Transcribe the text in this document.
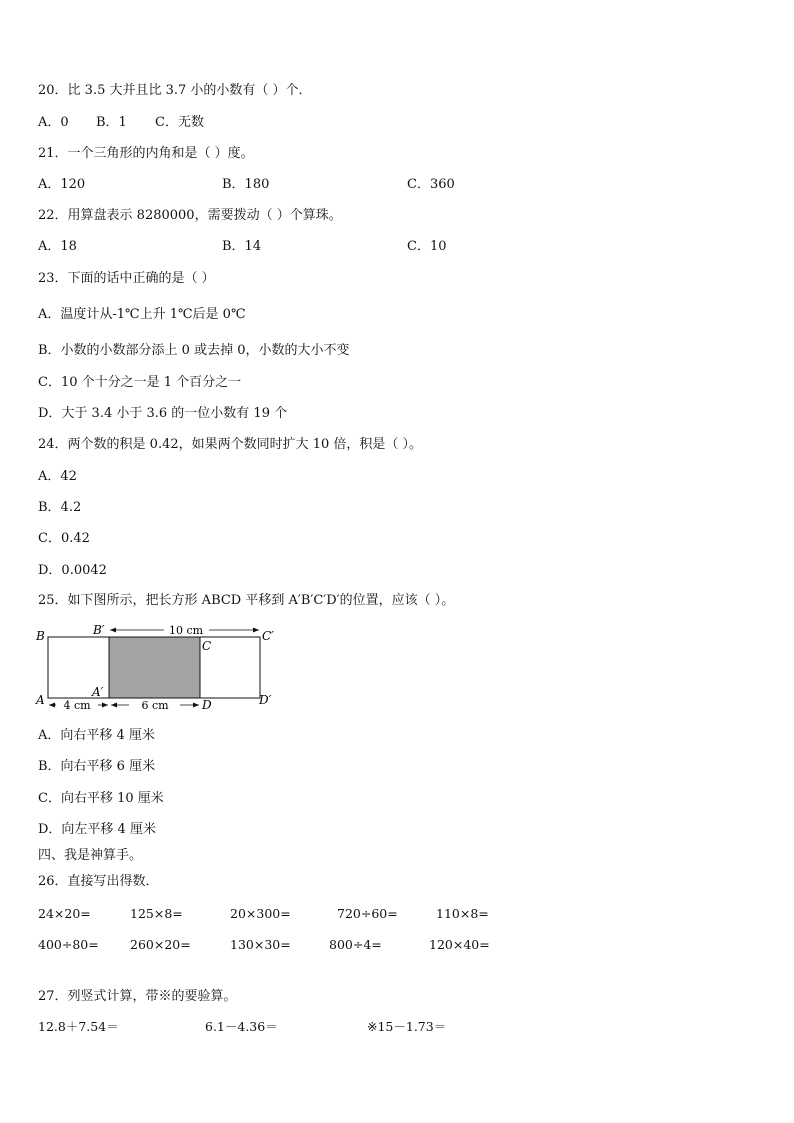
20．比 3.5 大并且比 3.7 小的小数有（ ）个．
A．0 B．1 C．无数
21．一个三角形的内角和是（ ）度。
A．120	B．180	C．360
22．用算盘表示 8280000，需要拨动（ ）个算珠。
A．18	B．14	C．10
23．下面的话中正确的是（ ）
A．温度计从-1℃上升 1℃后是 0℃
B．小数的小数部分添上 0 或去掉 0，小数的大小不变
C．10 个十分之一是 1 个百分之一
D．大于 3.4 小于 3.6 的一位小数有 19 个
24．两个数的积是 0.42，如果两个数同时扩大 10 倍，积是（ ）。
A．42
B．4.2
C．0.42
D．0.0042
25．如下图所示，把长方形 ABCD 平移到 A′B′C′D′的位置，应该（ ）。
10 cm
4 cm	6 cm
B	B′
C
C′
A
A′
D	D′
A．向右平移 4 厘米
B．向右平移 6 厘米
C．向右平移 10 厘米
D．向左平移 4 厘米
四、我是神算手。
26．直接写出得数．
24×20=	125×8=	20×300=	720÷60=	110×8=
400÷80=	260×20=	130×30=	800÷4=	120×40=
27．列竖式计算，带※的要验算。
12.8＋7.54＝	6.1－4.36＝	※15－1.73＝
